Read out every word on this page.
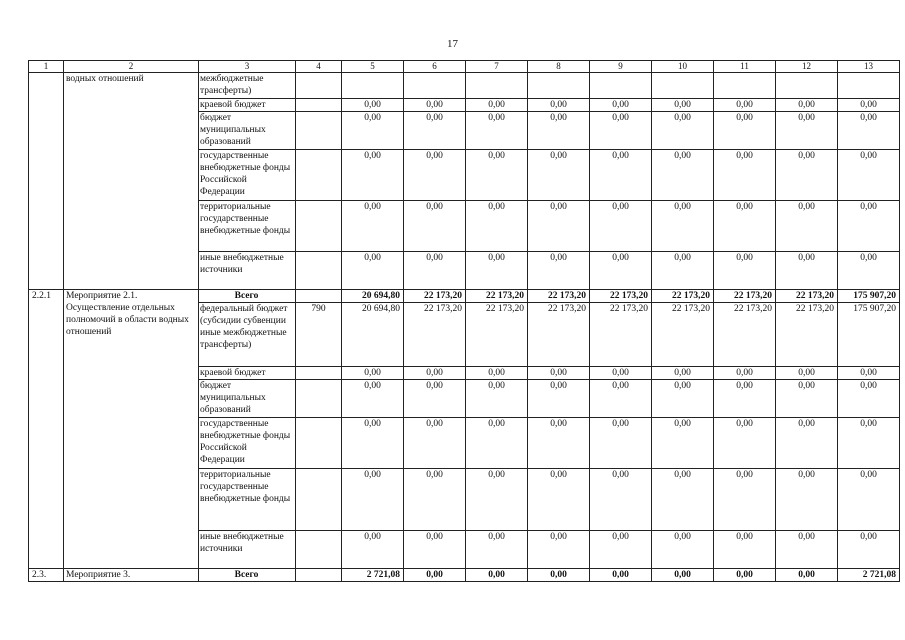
17
1	2	3	4	5	6	7	8	9	10	11	12	13
	водных отношений	межбюджетные трансферты)										
		краевой бюджет		0,00	0,00	0,00	0,00	0,00	0,00	0,00	0,00	0,00
		бюджет муниципальных образований		0,00	0,00	0,00	0,00	0,00	0,00	0,00	0,00	0,00
		государственные внебюджетные фонды Российской Федерации		0,00	0,00	0,00	0,00	0,00	0,00	0,00	0,00	0,00
		территориальные государственные внебюджетные фонды		0,00	0,00	0,00	0,00	0,00	0,00	0,00	0,00	0,00
		иные внебюджетные источники		0,00	0,00	0,00	0,00	0,00	0,00	0,00	0,00	0,00
2.2.1	Мероприятие 2.1. Осуществление отдельных полномочий в области водных отношений	Всего		20 694,80	22 173,20	22 173,20	22 173,20	22 173,20	22 173,20	22 173,20	22 173,20	175 907,20
		федеральный бюджет (субсидии субвенции иные межбюджетные трансферты)	790	20 694,80	22 173,20	22 173,20	22 173,20	22 173,20	22 173,20	22 173,20	22 173,20	175 907,20
		краевой бюджет		0,00	0,00	0,00	0,00	0,00	0,00	0,00	0,00	0,00
		бюджет муниципальных образований		0,00	0,00	0,00	0,00	0,00	0,00	0,00	0,00	0,00
		государственные внебюджетные фонды Российской Федерации		0,00	0,00	0,00	0,00	0,00	0,00	0,00	0,00	0,00
		территориальные государственные внебюджетные фонды		0,00	0,00	0,00	0,00	0,00	0,00	0,00	0,00	0,00
		иные внебюджетные источники		0,00	0,00	0,00	0,00	0,00	0,00	0,00	0,00	0,00
2.3.	Мероприятие 3.	Всего		2 721,08	0,00	0,00	0,00	0,00	0,00	0,00	0,00	2 721,08
